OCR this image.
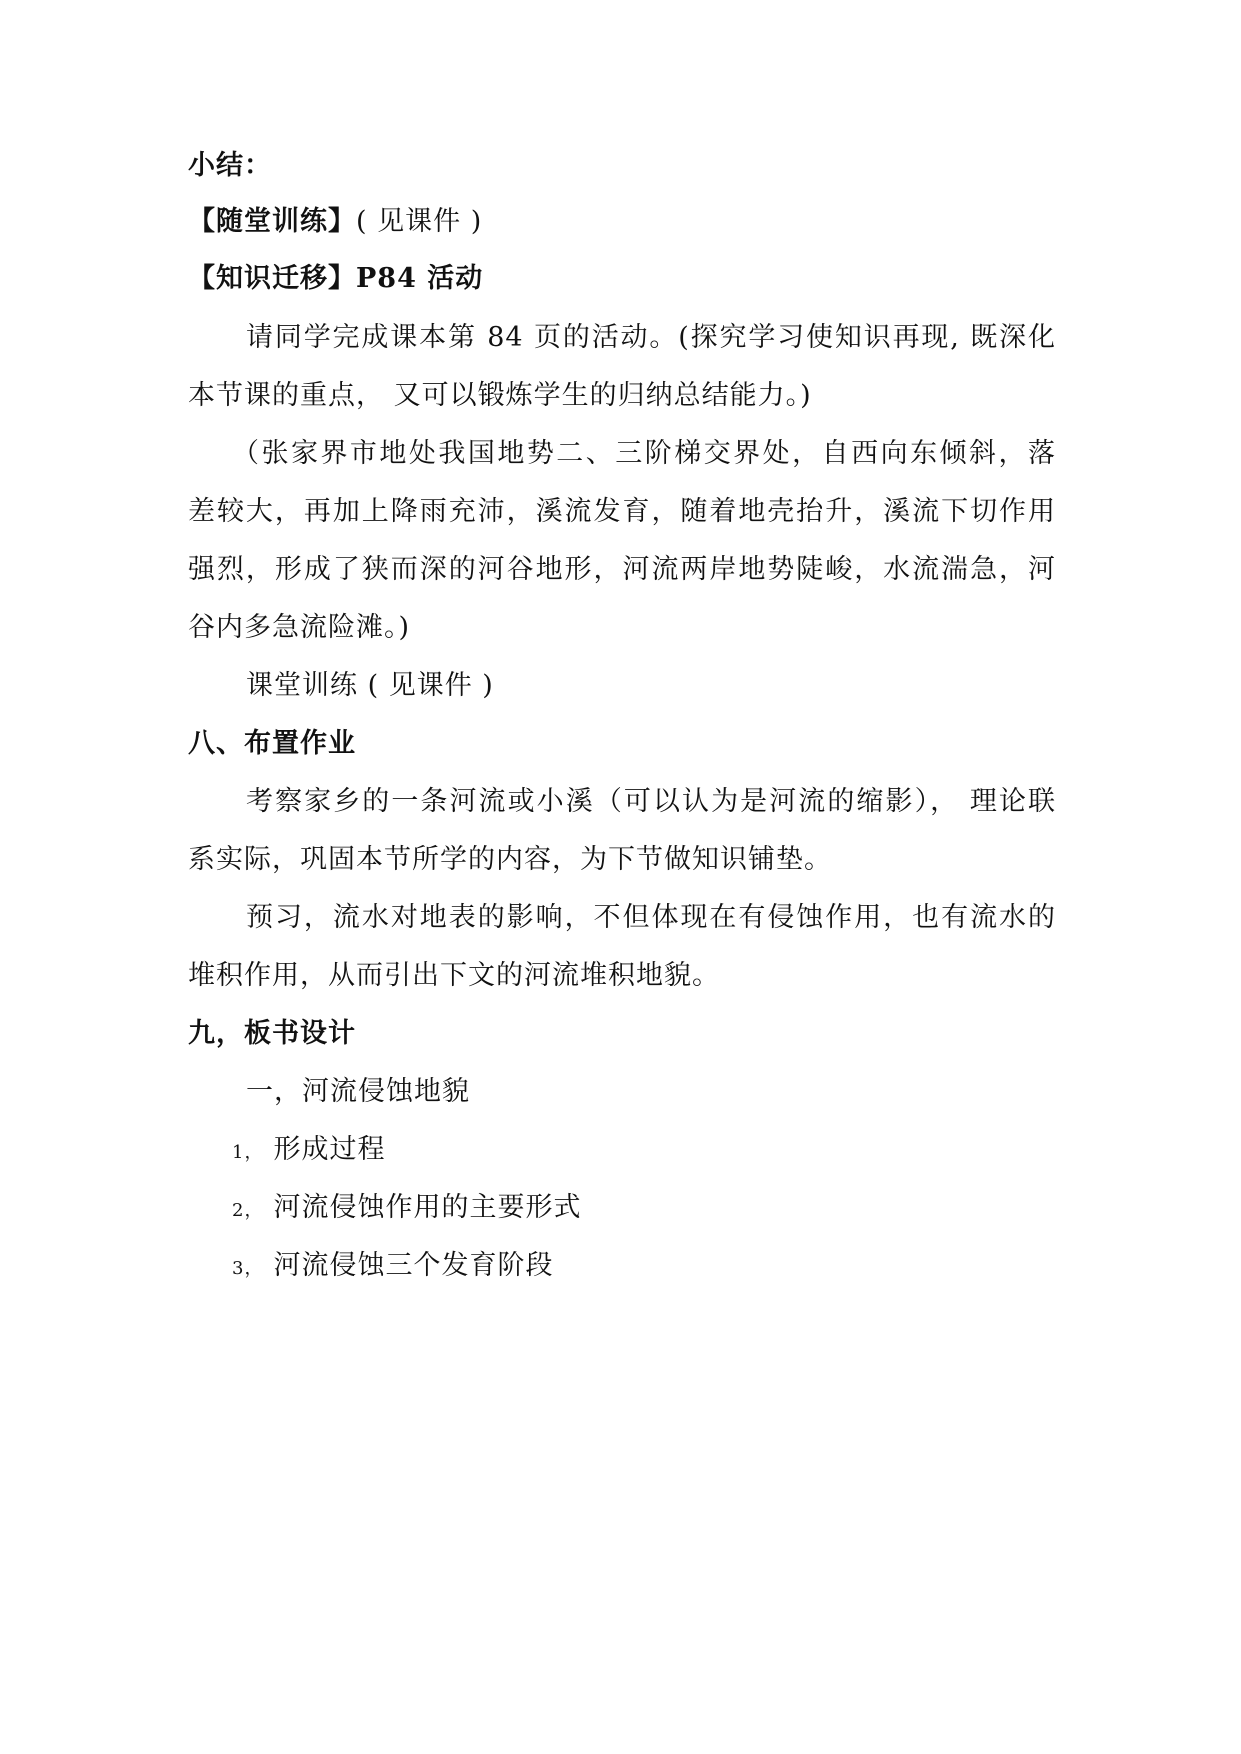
小结：
【随堂训练】( 见课件 )
【知识迁移】P84 活动
请同学完成课本第 84 页的活动。(探究学习使知识再现, 既深化
本节课的重点， 又可以锻炼学生的归纳总结能力。)
（张家界市地处我国地势二、三阶梯交界处，自西向东倾斜，落
差较大，再加上降雨充沛，溪流发育，随着地壳抬升，溪流下切作用
强烈，形成了狭而深的河谷地形，河流两岸地势陡峻，水流湍急，河
谷内多急流险滩。)
课堂训练 ( 见课件 )
八、布置作业
考察家乡的一条河流或小溪（可以认为是河流的缩影）， 理论联
系实际，巩固本节所学的内容，为下节做知识铺垫。
预习，流水对地表的影响，不但体现在有侵蚀作用，也有流水的
堆积作用，从而引出下文的河流堆积地貌。
九，板书设计
一，河流侵蚀地貌
1， 形成过程
2， 河流侵蚀作用的主要形式
3， 河流侵蚀三个发育阶段
